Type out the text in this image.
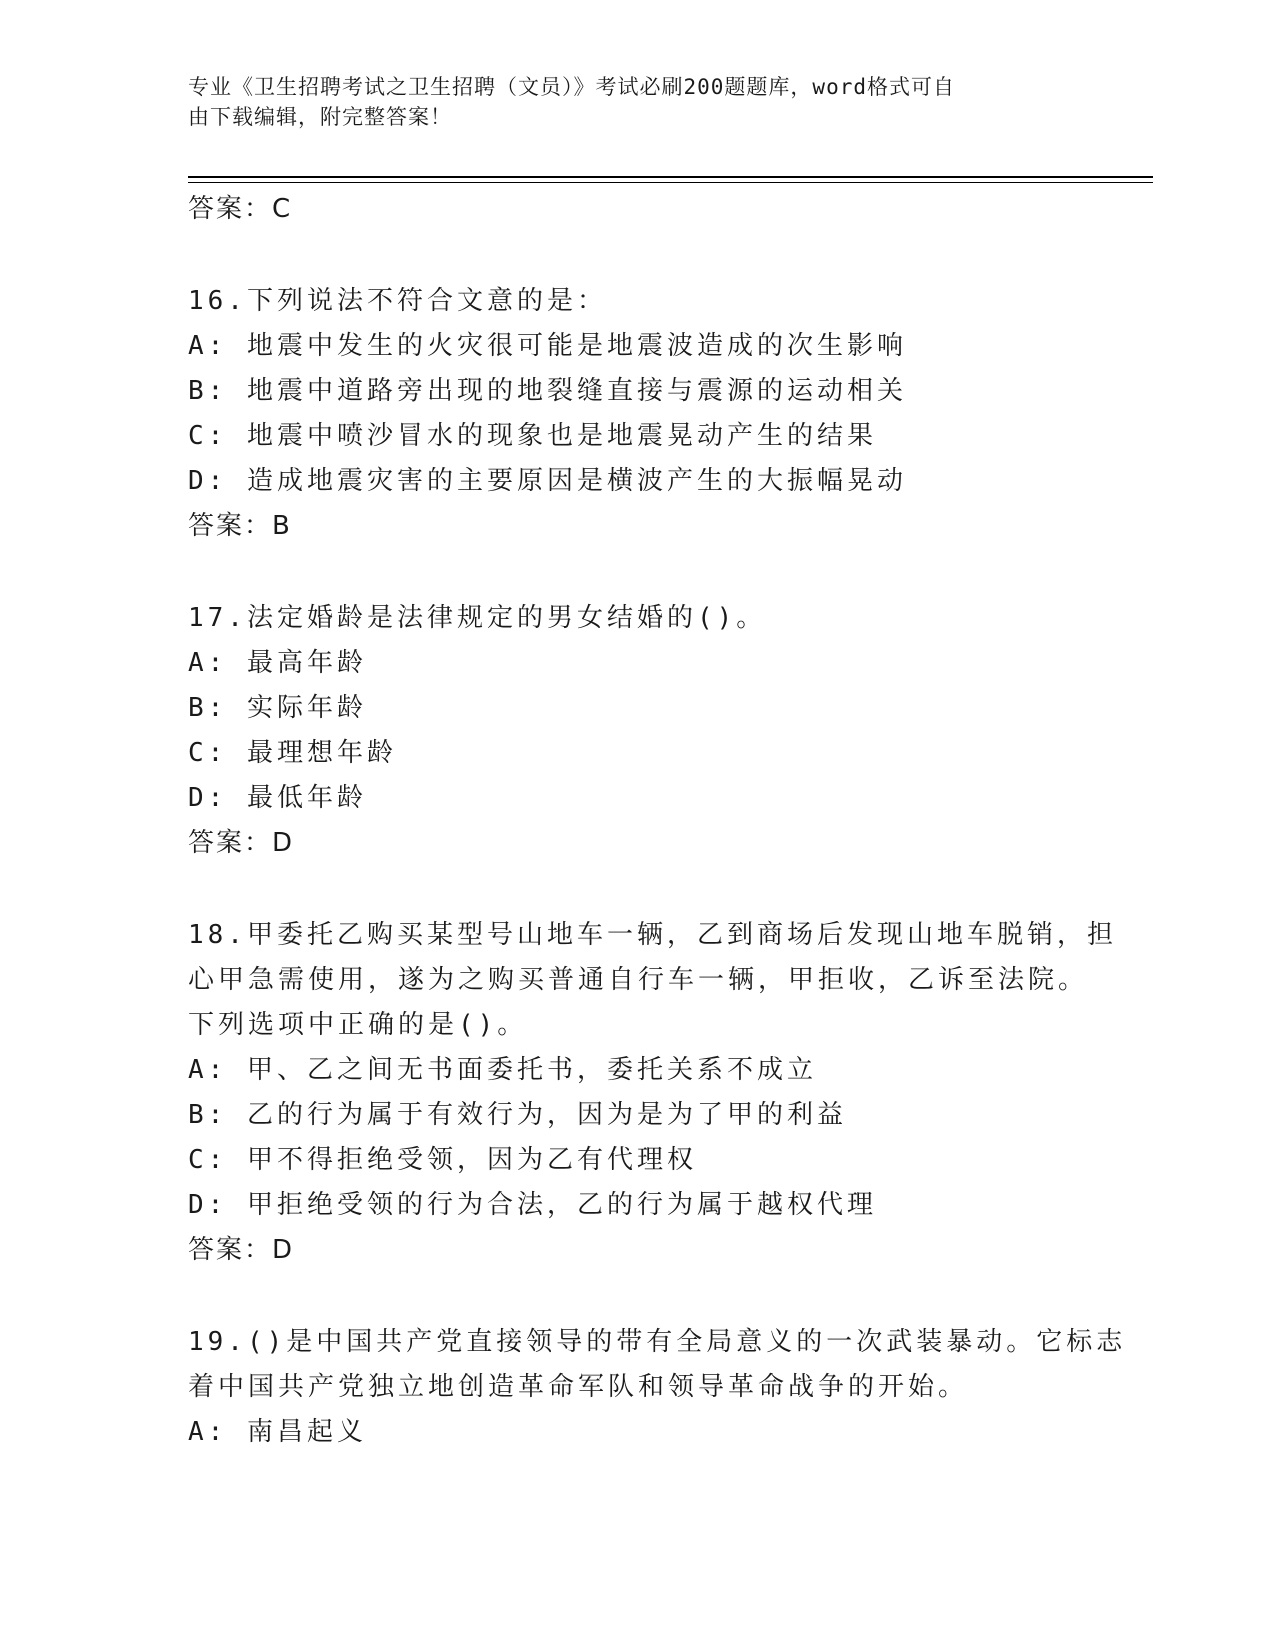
专业《卫生招聘考试之卫生招聘（文员）》考试必刷200题题库，word格式可自
由下载编辑，附完整答案！
答案：C
16.下列说法不符合文意的是：
A: 地震中发生的火灾很可能是地震波造成的次生影响
B: 地震中道路旁出现的地裂缝直接与震源的运动相关
C: 地震中喷沙冒水的现象也是地震晃动产生的结果
D: 造成地震灾害的主要原因是横波产生的大振幅晃动
答案：B
17.法定婚龄是法律规定的男女结婚的()。
A: 最高年龄
B: 实际年龄
C: 最理想年龄
D: 最低年龄
答案：D
18.甲委托乙购买某型号山地车一辆，乙到商场后发现山地车脱销，担
心甲急需使用，遂为之购买普通自行车一辆，甲拒收，乙诉至法院。
下列选项中正确的是()。
A: 甲、乙之间无书面委托书，委托关系不成立
B: 乙的行为属于有效行为，因为是为了甲的利益
C: 甲不得拒绝受领，因为乙有代理权
D: 甲拒绝受领的行为合法，乙的行为属于越权代理
答案：D
19.()是中国共产党直接领导的带有全局意义的一次武装暴动。它标志
着中国共产党独立地创造革命军队和领导革命战争的开始。
A: 南昌起义
